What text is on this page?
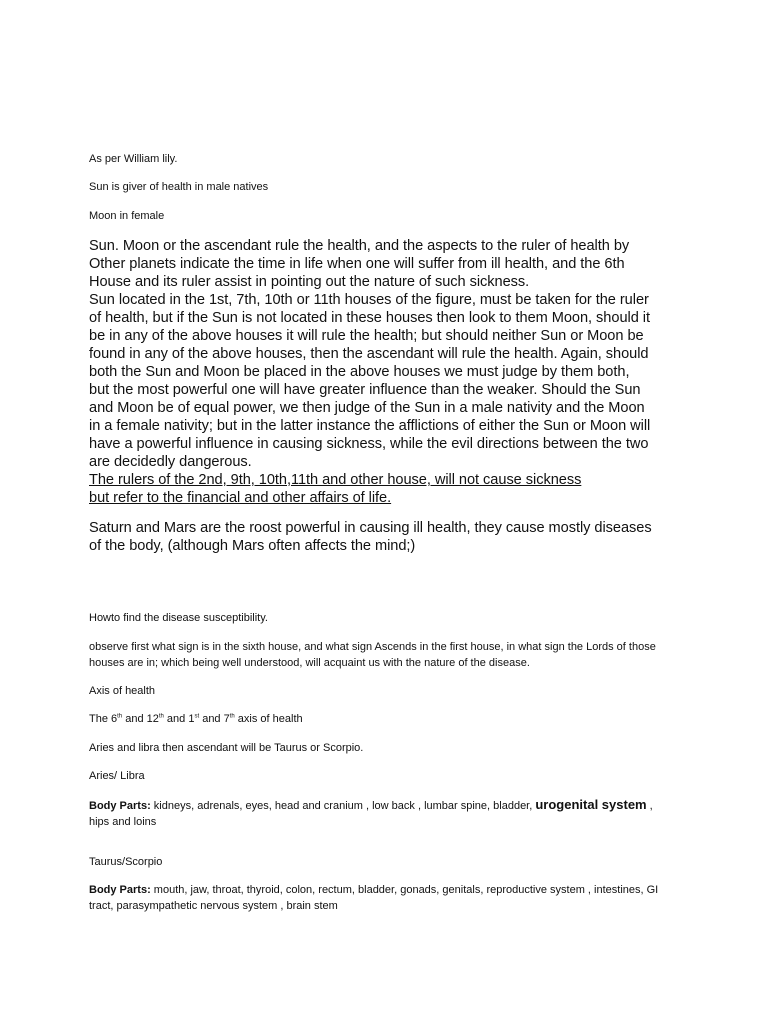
As per William lily.

Sun is giver of health in male natives

Moon in female

Sun. Moon or the ascendant rule the health, and the aspects to the ruler of health by

Other planets indicate the time in life when one will suffer from ill health, and the 6th

House and its ruler assist in pointing out the nature of such sickness.

Sun located in the 1st, 7th, 10th or 11th houses of the figure, must be taken for the ruler

of health, but if the Sun is not located in these houses then look to them Moon, should it

be in any of the above houses it will rule the health; but should neither Sun or Moon be

found in any of the above houses, then the ascendant will rule the health. Again, should

both the Sun and Moon be placed in the above houses we must judge by them both,

but the most powerful one will have greater influence than the weaker. Should the Sun

and Moon be of equal power, we then judge of the Sun in a male nativity and the Moon

in a female nativity; but in the latter instance the afflictions of either the Sun or Moon will

have a powerful influence in causing sickness, while the evil directions between the two

are decidedly dangerous.

The rulers of the 2nd, 9th, 10th,11th and other house, will not cause sickness

but refer to the financial and other affairs of life.

Saturn and Mars are the roost powerful in causing ill health, they cause mostly diseases

of the body, (although Mars often affects the mind;)

Howto find the disease susceptibility.

observe first what sign is in the sixth house, and what sign Ascends in the first house, in what sign the Lords of those

houses are in; which being well understood, will acquaint us with the nature of the disease.

Axis of health

The 6th and 12th and 1st and 7th axis of health

Aries and libra then ascendant will be Taurus or Scorpio.

Aries/ Libra

Body Parts: kidneys, adrenals, eyes, head and cranium , low back , lumbar spine, bladder, urogenital system ,

hips and loins

Taurus/Scorpio

Body Parts: mouth, jaw, throat, thyroid, colon, rectum, bladder, gonads, genitals, reproductive system , intestines, GI

tract, parasympathetic nervous system , brain stem
